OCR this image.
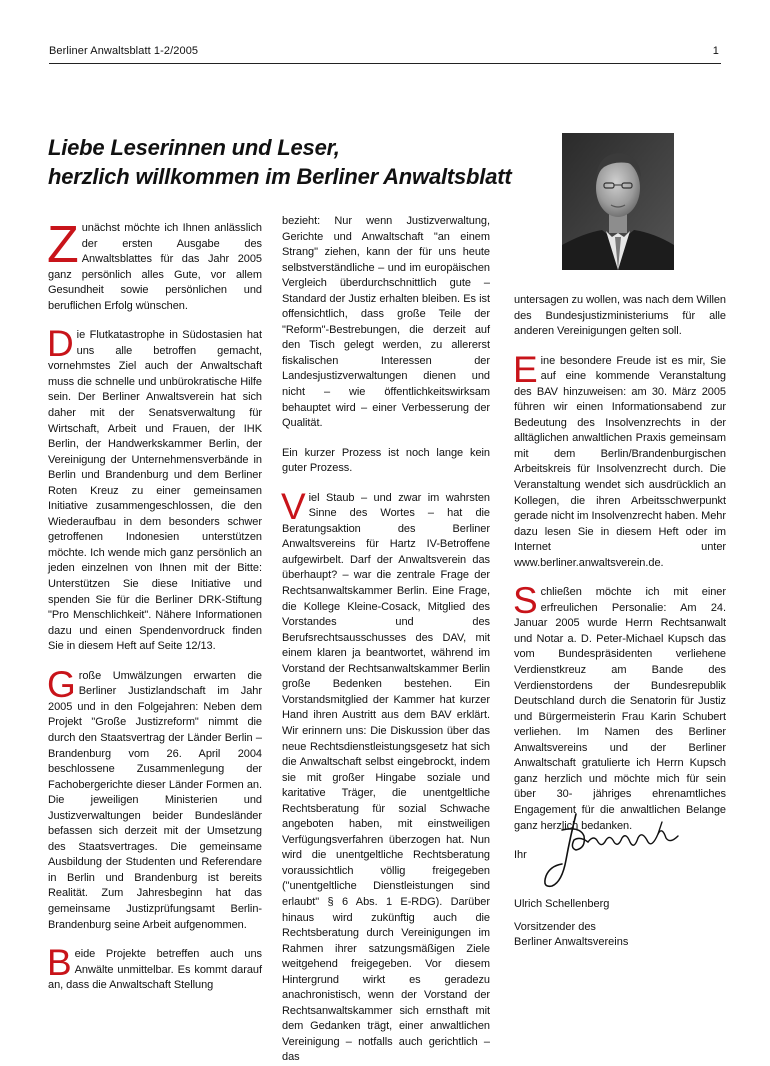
Berliner Anwaltsblatt 1-2/2005	1
Liebe Leserinnen und Leser,
herzlich willkommen im Berliner Anwaltsblatt

Zunächst möchte ich Ihnen anlässlich der ersten Ausgabe des Anwaltsblattes für das Jahr 2005 ganz persönlich alles Gute, vor allem Gesundheit sowie persönlichen und beruflichen Erfolg wünschen.

Die Flutkatastrophe in Südostasien hat uns alle betroffen gemacht, vornehmstes Ziel auch der Anwaltschaft muss die schnelle und unbürokratische Hilfe sein. Der Berliner Anwaltsverein hat sich daher mit der Senatsverwaltung für Wirtschaft, Arbeit und Frauen, der IHK Berlin, der Handwerkskammer Berlin, der Vereinigung der Unternehmensverbände in Berlin und Brandenburg und dem Berliner Roten Kreuz zu einer gemeinsamen Initiative zusammengeschlossen, die den Wiederaufbau in dem besonders schwer getroffenen Indonesien unterstützen möchte. Ich wende mich ganz persönlich an jeden einzelnen von Ihnen mit der Bitte: Unterstützen Sie diese Initiative und spenden Sie für die Berliner DRK-Stiftung "Pro Menschlichkeit". Nähere Informationen dazu und einen Spendenvordruck finden Sie in diesem Heft auf Seite 12/13.

Große Umwälzungen erwarten die Berliner Justizlandschaft im Jahr 2005 und in den Folgejahren: Neben dem Projekt "Große Justizreform" nimmt die durch den Staatsvertrag der Länder Berlin – Brandenburg vom 26. April 2004 beschlossene Zusammenlegung der Fachobergerichte dieser Länder Formen an. Die jeweiligen Ministerien und Justizverwaltungen beider Bundesländer befassen sich derzeit mit der Umsetzung des Staatsvertrages. Die gemeinsame Ausbildung der Studenten und Referendare in Berlin und Brandenburg ist bereits Realität. Zum Jahresbeginn hat das gemeinsame Justizprüfungsamt Berlin-Brandenburg seine Arbeit aufgenommen.

Beide Projekte betreffen auch uns Anwälte unmittelbar. Es kommt darauf an, dass die Anwaltschaft Stellung

bezieht: Nur wenn Justizverwaltung, Gerichte und Anwaltschaft "an einem Strang" ziehen, kann der für uns heute selbstverständliche – und im europäischen Vergleich überdurchschnittlich gute – Standard der Justiz erhalten bleiben. Es ist offensichtlich, dass große Teile der "Reform"-Bestrebungen, die derzeit auf den Tisch gelegt werden, zu allererst fiskalischen Interessen der Landesjustizverwaltungen dienen und nicht – wie öffentlichkeitswirksam behauptet wird – einer Verbesserung der Qualität.

Ein kurzer Prozess ist noch lange kein guter Prozess.

Viel Staub – und zwar im wahrsten Sinne des Wortes – hat die Beratungsaktion des Berliner Anwaltsvereins für Hartz IV-Betroffene aufgewirbelt. Darf der Anwaltsverein das überhaupt? – war die zentrale Frage der Rechtsanwaltskammer Berlin. Eine Frage, die Kollege Kleine-Cosack, Mitglied des Vorstandes und des Berufsrechtsausschusses des DAV, mit einem klaren ja beantwortet, während im Vorstand der Rechtsanwaltskammer Berlin große Bedenken bestehen. Ein Vorstandsmitglied der Kammer hat kurzer Hand ihren Austritt aus dem BAV erklärt. Wir erinnern uns: Die Diskussion über das neue Rechtsdienstleistungsgesetz hat sich die Anwaltschaft selbst eingebrockt, indem sie mit großer Hingabe soziale und karitative Träger, die unentgeltliche Rechtsberatung für sozial Schwache angeboten haben, mit einstweiligen Verfügungsverfahren überzogen hat. Nun wird die unentgeltliche Rechtsberatung voraussichtlich völlig freigegeben ("unentgeltliche Dienstleistungen sind erlaubt" § 6 Abs. 1 E-RDG). Darüber hinaus wird zukünftig auch die Rechtsberatung durch Vereinigungen im Rahmen ihrer satzungsmäßigen Ziele weitgehend freigegeben. Vor diesem Hintergrund wirkt es geradezu anachronistisch, wenn der Vorstand der Rechtsanwaltskammer sich ernsthaft mit dem Gedanken trägt, einer anwaltlichen Vereinigung – notfalls auch gerichtlich – das

untersagen zu wollen, was nach dem Willen des Bundesjustizministeriums für alle anderen Vereinigungen gelten soll.

Eine besondere Freude ist es mir, Sie auf eine kommende Veranstaltung des BAV hinzuweisen: am 30. März 2005 führen wir einen Informationsabend zur Bedeutung des Insolvenzrechts in der alltäglichen anwaltlichen Praxis gemeinsam mit dem Berlin/Brandenburgischen Arbeitskreis für Insolvenzrecht durch. Die Veranstaltung wendet sich ausdrücklich an Kollegen, die ihren Arbeitsschwerpunkt gerade nicht im Insolvenzrecht haben. Mehr dazu lesen Sie in diesem Heft oder im Internet unter www.berliner.anwaltsverein.de.

Schließen möchte ich mit einer erfreulichen Personalie: Am 24. Januar 2005 wurde Herrn Rechtsanwalt und Notar a. D. Peter-Michael Kupsch das vom Bundespräsidenten verliehene Verdienstkreuz am Bande des Verdienstordens der Bundesrepublik Deutschland durch die Senatorin für Justiz und Bürgermeisterin Frau Karin Schubert verliehen. Im Namen des Berliner Anwaltsvereins und der Berliner Anwaltschaft gratulierte ich Herrn Kupsch ganz herzlich und möchte mich für sein über 30- jähriges ehrenamtliches Engagement für die anwaltlichen Belange ganz herzlich bedanken.

Ihr

Ulrich Schellenberg
Vorsitzender des
Berliner Anwaltsvereins
